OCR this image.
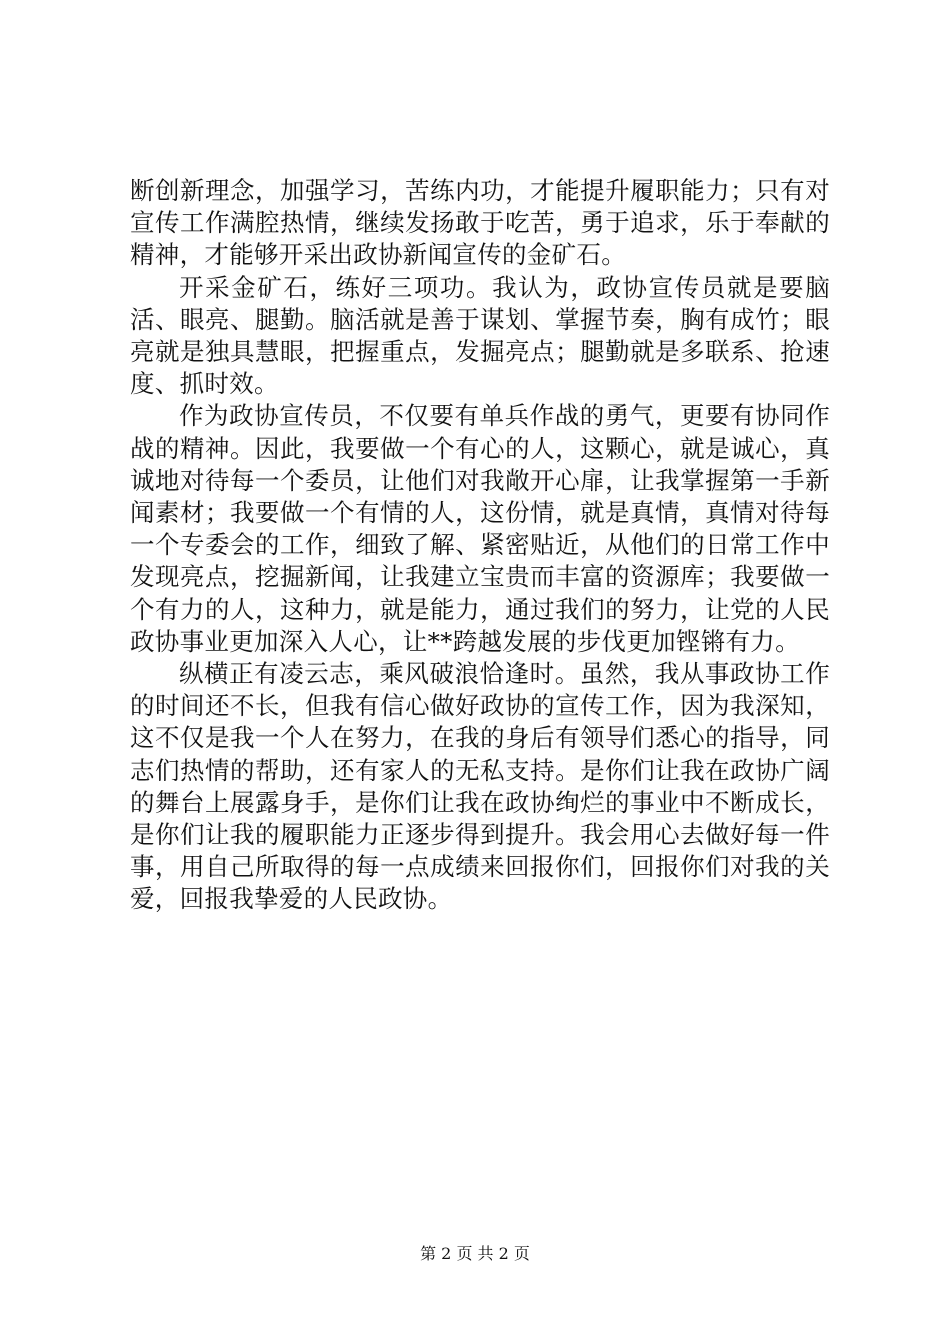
断创新理念，加强学习，苦练内功，才能提升履职能力；只有对宣传工作满腔热情，继续发扬敢于吃苦，勇于追求，乐于奉献的精神，才能够开采出政协新闻宣传的金矿石。

开采金矿石，练好三项功。我认为，政协宣传员就是要脑活、眼亮、腿勤。脑活就是善于谋划、掌握节奏，胸有成竹；眼亮就是独具慧眼，把握重点，发掘亮点；腿勤就是多联系、抢速度、抓时效。

作为政协宣传员，不仅要有单兵作战的勇气，更要有协同作战的精神。因此，我要做一个有心的人，这颗心，就是诚心，真诚地对待每一个委员，让他们对我敞开心扉，让我掌握第一手新闻素材；我要做一个有情的人，这份情，就是真情，真情对待每一个专委会的工作，细致了解、紧密贴近，从他们的日常工作中发现亮点，挖掘新闻，让我建立宝贵而丰富的资源库；我要做一个有力的人，这种力，就是能力，通过我们的努力，让党的人民政协事业更加深入人心，让**跨越发展的步伐更加铿锵有力。

纵横正有凌云志，乘风破浪恰逢时。虽然，我从事政协工作的时间还不长，但我有信心做好政协的宣传工作，因为我深知，这不仅是我一个人在努力，在我的身后有领导们悉心的指导，同志们热情的帮助，还有家人的无私支持。是你们让我在政协广阔的舞台上展露身手，是你们让我在政协绚烂的事业中不断成长，是你们让我的履职能力正逐步得到提升。我会用心去做好每一件事，用自己所取得的每一点成绩来回报你们，回报你们对我的关爱，回报我挚爱的人民政协。

第 2 页 共 2 页
